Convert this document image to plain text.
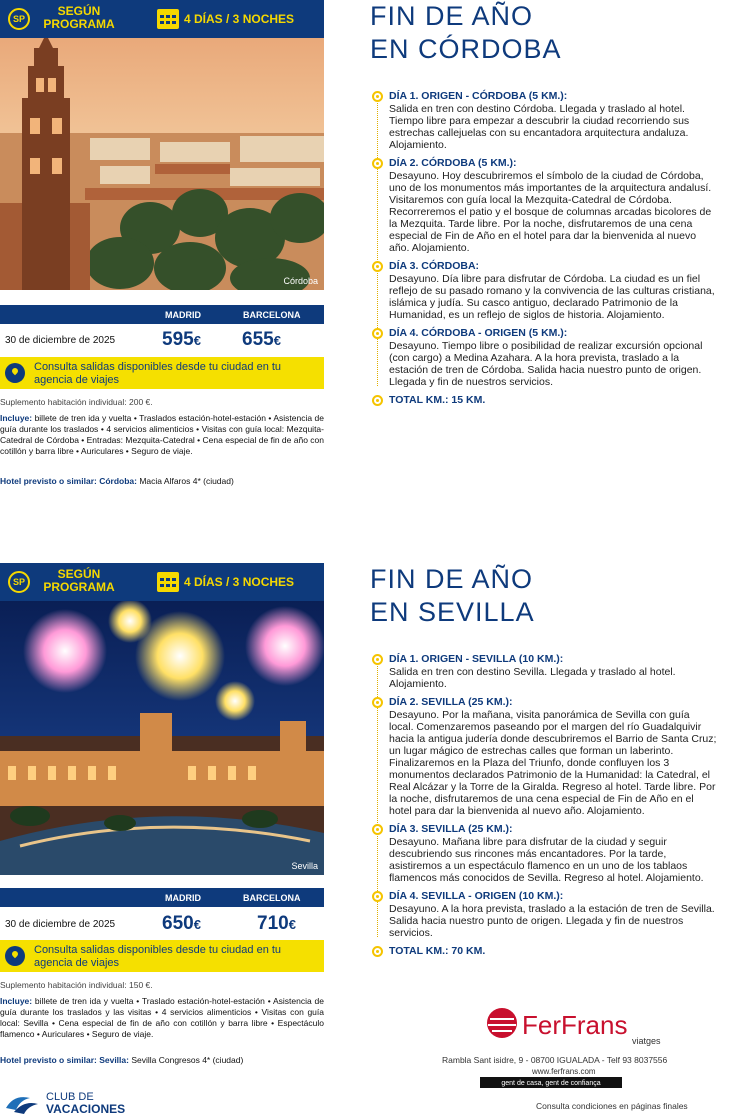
SP
SEGÚN PROGRAMA	4 DÍAS / 3 NOCHES
Córdoba
MADRID	BARCELONA
30 de diciembre de 2025 595€ 655€
Consulta salidas disponibles desde tu ciudad en tu agencia de viajes
Suplemento habitación individual: 200 €.
Incluye: billete de tren ida y vuelta • Traslados estación-hotel-estación • Asistencia de guía durante los traslados • 4 servicios alimenticios • Visitas con guía local: Mezquita-Catedral de Córdoba • Entradas: Mezquita-Catedral • Cena especial de fin de año con cotillón y barra libre • Auriculares • Seguro de viaje.
Hotel previsto o similar: Córdoba: Macia Alfaros 4* (ciudad)
FIN DE AÑO
EN CÓRDOBA
DÍA 1. ORIGEN - CÓRDOBA (5 KM.):
Salida en tren con destino Córdoba. Llegada y traslado al hotel. Tiempo libre para empezar a descubrir la ciudad recorriendo sus estrechas callejuelas con su encantadora arquitectura andaluza. Alojamiento.
DÍA 2. CÓRDOBA (5 KM.):
Desayuno. Hoy descubriremos el símbolo de la ciudad de Córdoba, uno de los monumentos más importantes de la arquitectura andalusí. Visitaremos con guía local la Mezquita-Catedral de Córdoba. Recorreremos el patio y el bosque de columnas arcadas bicolores de la Mezquita. Tarde libre. Por la noche, disfrutaremos de una cena especial de Fin de Año en el hotel para dar la bienvenida al nuevo año. Alojamiento.
DÍA 3. CÓRDOBA:
Desayuno. Día libre para disfrutar de Córdoba. La ciudad es un fiel reflejo de su pasado romano y la convivencia de las culturas cristiana, islámica y judía. Su casco antiguo, declarado Patrimonio de la Humanidad, es un reflejo de siglos de historia. Alojamiento.
DÍA 4. CÓRDOBA - ORIGEN (5 KM.):
Desayuno. Tiempo libre o posibilidad de realizar excursión opcional (con cargo) a Medina Azahara. A la hora prevista, traslado a la estación de tren de Córdoba. Salida hacia nuestro punto de origen. Llegada y fin de nuestros servicios.
TOTAL KM.: 15 KM.
SP
SEGÚN PROGRAMA	4 DÍAS / 3 NOCHES
Sevilla
MADRID	BARCELONA
30 de diciembre de 2025 650€	710€
Consulta salidas disponibles desde tu ciudad en tu agencia de viajes
Suplemento habitación individual: 150 €.
Incluye: billete de tren ida y vuelta • Traslado estación-hotel-estación • Asistencia de guía durante los traslados y las visitas • 4 servicios alimenticios • Visitas con guía local: Sevilla • Cena especial de fin de año con cotillón y barra libre • Espectáculo flamenco • Auriculares • Seguro de viaje.
Hotel previsto o similar: Sevilla: Sevilla Congresos 4* (ciudad)
FIN DE AÑO
EN SEVILLA
DÍA 1. ORIGEN - SEVILLA (10 KM.):
Salida en tren con destino Sevilla. Llegada y traslado al hotel. Alojamiento.
DÍA 2. SEVILLA (25 KM.):
Desayuno. Por la mañana, visita panorámica de Sevilla con guía local. Comenzaremos paseando por el margen del río Guadalquivir hacia la antigua judería donde descubriremos el Barrio de Santa Cruz; un lugar mágico de estrechas calles que forman un laberinto. Finalizaremos en la Plaza del Triunfo, donde confluyen los 3 monumentos declarados Patrimonio de la Humanidad: la Catedral, el Real Alcázar y la Torre de la Giralda. Regreso al hotel. Tarde libre. Por la noche, disfrutaremos de una cena especial de Fin de Año en el hotel para dar la bienvenida al nuevo año. Alojamiento.
DÍA 3. SEVILLA (25 KM.):
Desayuno. Mañana libre para disfrutar de la ciudad y seguir descubriendo sus rincones más encantadores. Por la tarde, asistiremos a un espectáculo flamenco en un uno de los tablaos flamencos más conocidos de Sevilla. Regreso al hotel. Alojamiento.
DÍA 4. SEVILLA - ORIGEN (10 KM.):
Desayuno. A la hora prevista, traslado a la estación de tren de Sevilla. Salida hacia nuestro punto de origen. Llegada y fin de nuestros servicios.
TOTAL KM.: 70 KM.
CLUB DE
VACACIONES
FerFrans
viatges
Rambla Sant isidre, 9 - 08700 IGUALADA - Telf 93 8037556
www.ferfrans.com
gent de casa, gent de confiança
Consulta condiciones en páginas finales
